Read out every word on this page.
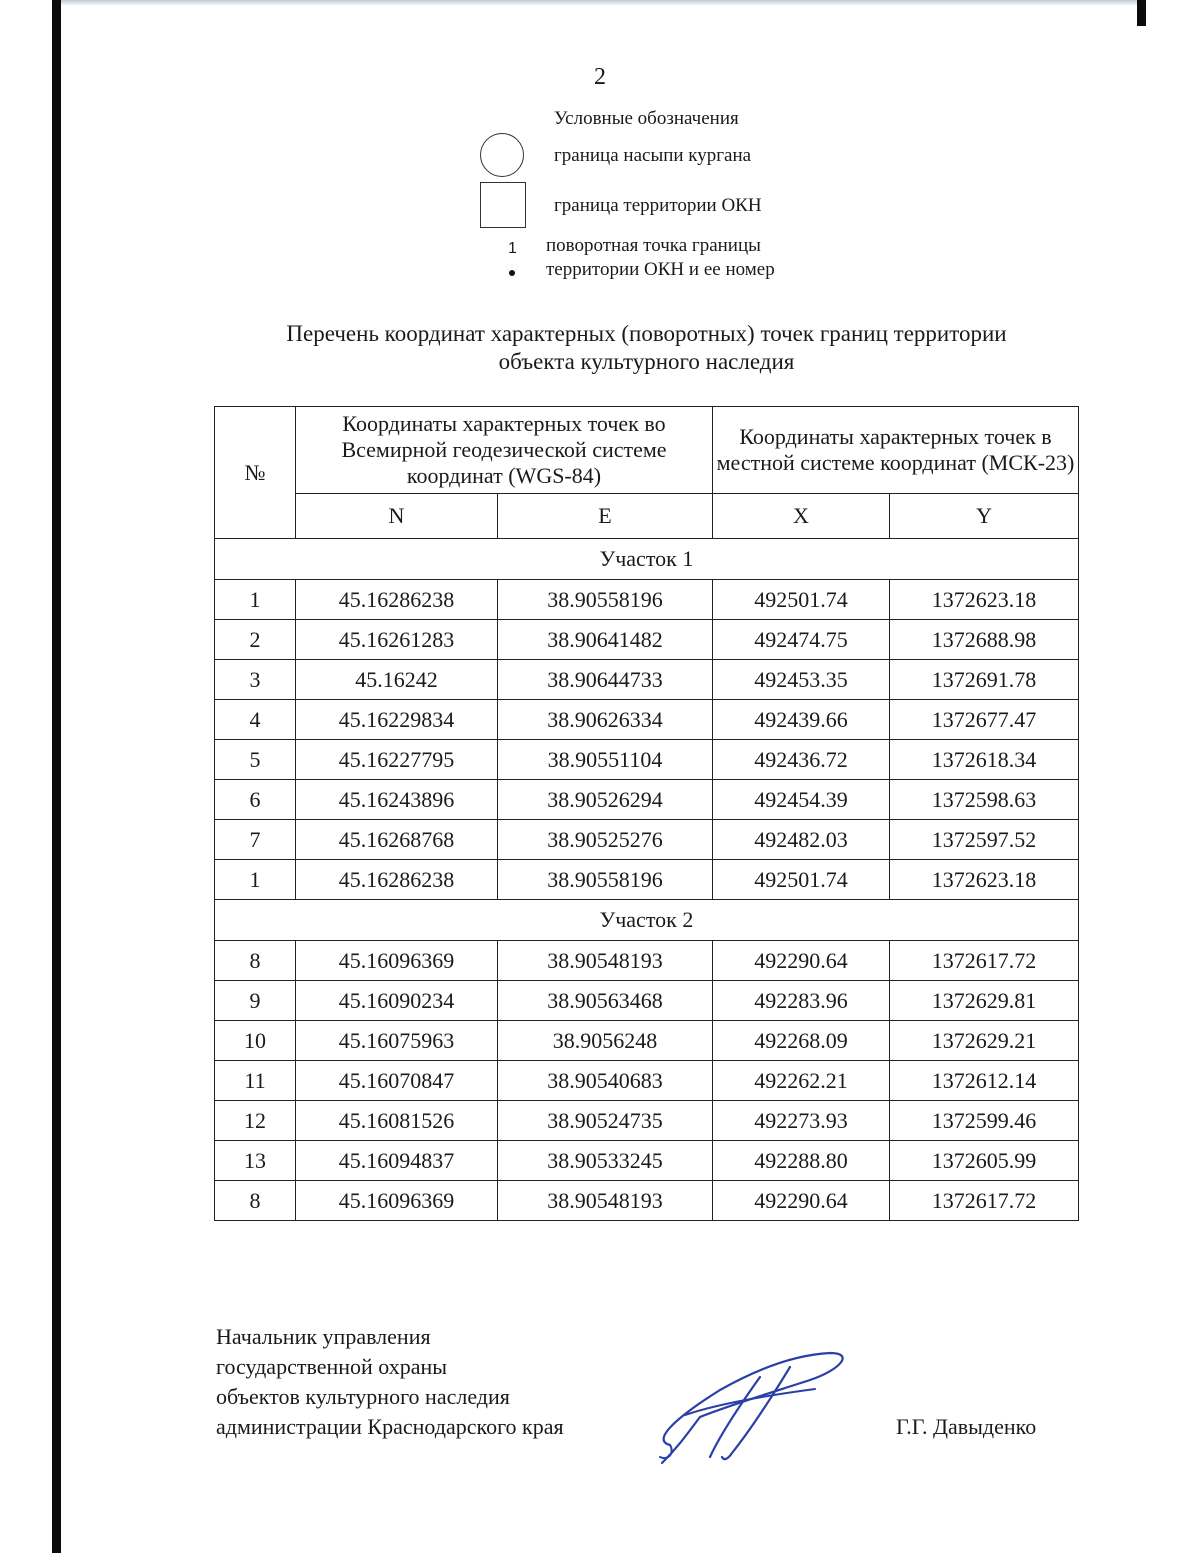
2
Условные обозначения
граница насыпи кургана
граница территории ОКН
1 поворотная точка границы
территории ОКН и ее номер
Перечень координат характерных (поворотных) точек границ территории
объекта культурного наследия
№	Координаты характерных точек во Всемирной геодезической системе координат (WGS-84)		Координаты характерных точек в местной системе координат (МСК-23)	
	N	E	X	Y
Участок 1				
1	45.16286238	38.90558196	492501.74	1372623.18
2	45.16261283	38.90641482	492474.75	1372688.98
3	45.16242	38.90644733	492453.35	1372691.78
4	45.16229834	38.90626334	492439.66	1372677.47
5	45.16227795	38.90551104	492436.72	1372618.34
6	45.16243896	38.90526294	492454.39	1372598.63
7	45.16268768	38.90525276	492482.03	1372597.52
1	45.16286238	38.90558196	492501.74	1372623.18
Участок 2				
8	45.16096369	38.90548193	492290.64	1372617.72
9	45.16090234	38.90563468	492283.96	1372629.81
10	45.16075963	38.9056248	492268.09	1372629.21
11	45.16070847	38.90540683	492262.21	1372612.14
12	45.16081526	38.90524735	492273.93	1372599.46
13	45.16094837	38.90533245	492288.80	1372605.99
8	45.16096369	38.90548193	492290.64	1372617.72
Начальник управления
государственной охраны
объектов культурного наследия
администрации Краснодарского края	Г.Г. Давыденко
